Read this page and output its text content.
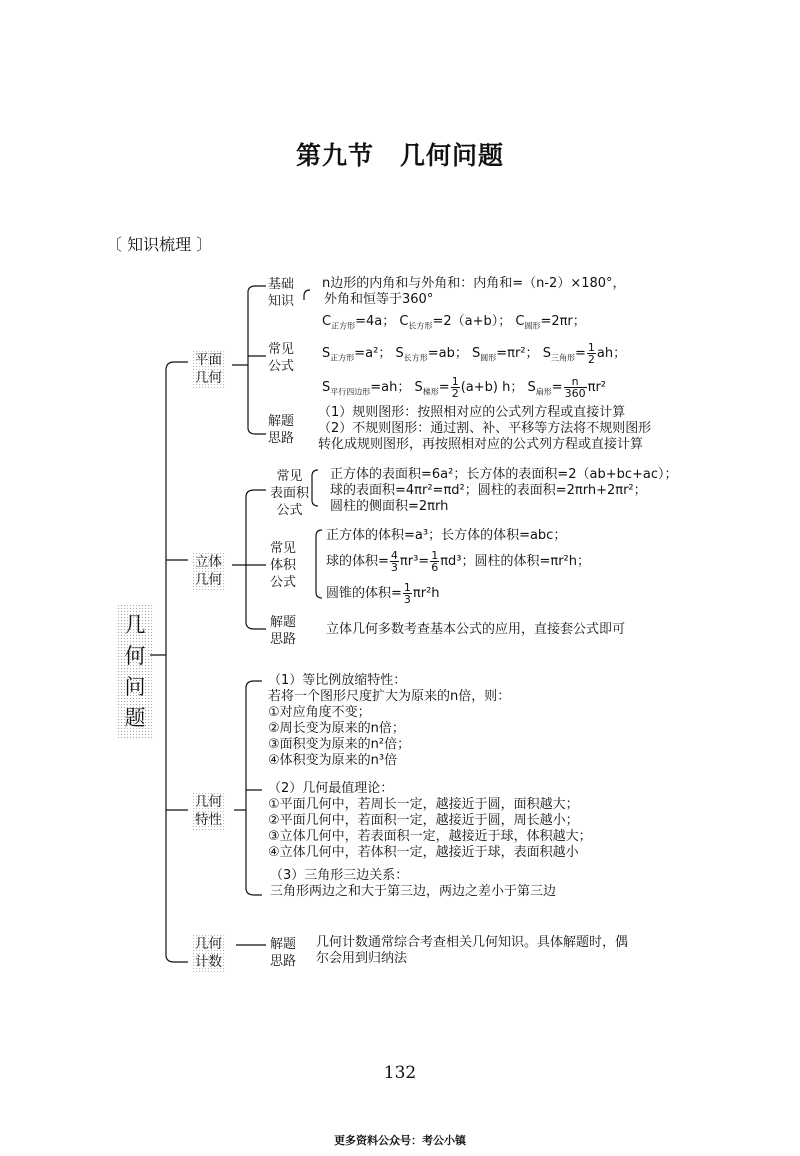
第九节　几何问题
〔 知识梳理 〕
几
何
问
题
平面
几何
基础
知识
n边形的内角和与外角和：内角和=（n-2）×180°，
外角和恒等于360°
常见
公式
$C_{正方形}=4a$； $C_{长方形}=2(a+b)$； $C_{圆形}=2\pi r$；
$S_{正方形}=a^2$； $S_{长方形}=ab$； $S_{圆形}=\pi r^2$； $S_{三角形}= \frac{1}{2}$ ah；
$S_{平行四边形}=ah$； $S_{梯形}= \frac{1}{2} (a+b)$ h； $S_{扇形}= \frac{n}{360} \pi r^2$
解题
思路
（1）规则图形：按照相对应的公式列方程或直接计算
（2）不规则图形：通过割、补、平移等方法将不规则图形
转化成规则图形，再按照相对应的公式列方程或直接计算
立体
几何
常见
表面积
公式
正方体的表面积=6a²；长方体的表面积=2（ab+bc+ac）；
球的表面积=4πr²=πd²；圆柱的表面积=2πrh+2πr²；
圆柱的侧面积=2πrh
常见
体积
公式
正方体的体积=a³；长方体的体积=abc；
球的体积= $\frac{4}{3} \pi r^3= \frac{1}{6} \pi d^3$；圆柱的体积=πr²h；
圆锥的体积= $\frac{1}{3} \pi r^2h$
解题
思路
立体几何多数考查基本公式的应用，直接套公式即可
几何
特性
（1）等比例放缩特性：
若将一个图形尺度扩大为原来的n倍，则：
①对应角度不变；
②周长变为原来的n倍；
③面积变为原来的n²倍；
④体积变为原来的n³倍
（2）几何最值理论：
①平面几何中，若周长一定，越接近于圆，面积越大；
②平面几何中，若面积一定，越接近于圆，周长越小；
③立体几何中，若表面积一定，越接近于球，体积越大；
④立体几何中，若体积一定，越接近于球，表面积越小
（3）三角形三边关系：
三角形两边之和大于第三边，两边之差小于第三边
几何
计数
解题
思路
几何计数通常综合考查相关几何知识。具体解题时，偶
尔会用到归纳法
132
更多资料公众号：考公小镇
